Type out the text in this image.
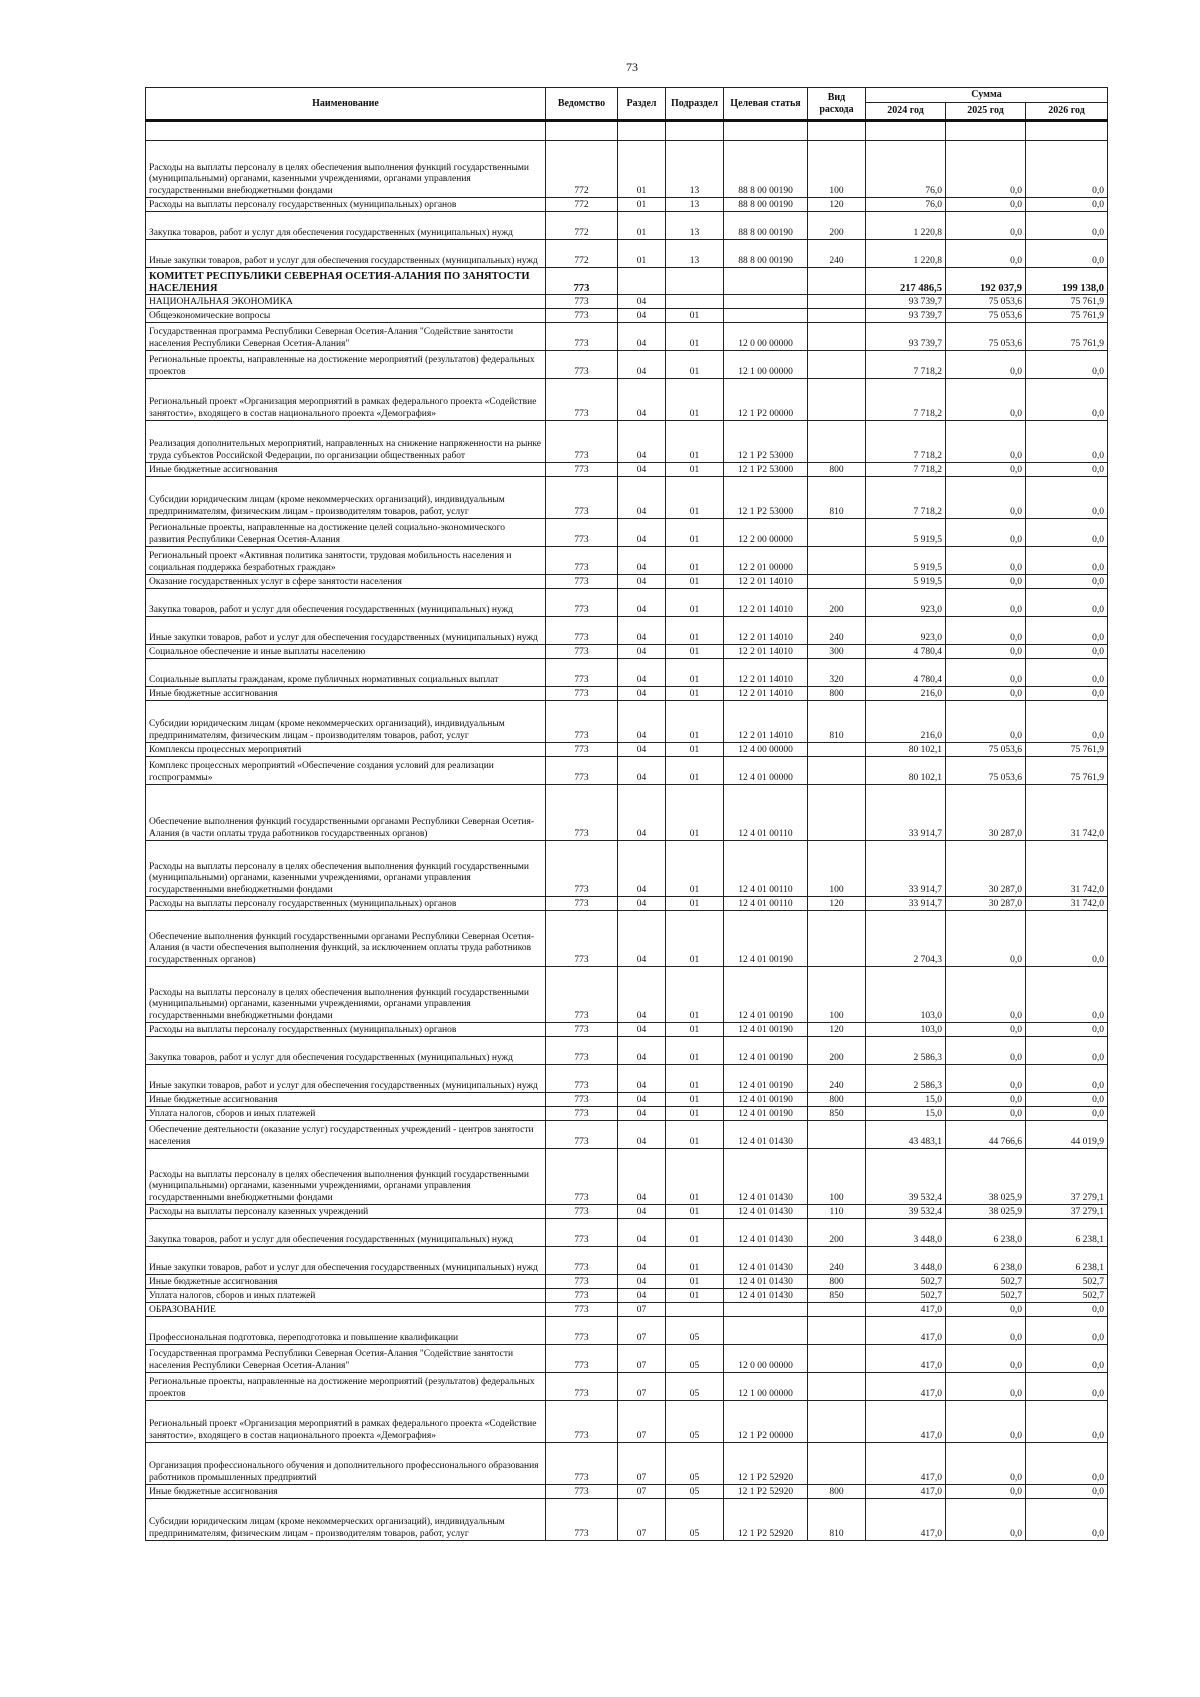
73
Наименование	Ведомство	Раздел	Подраздел	Целевая статья	Вид расхода	Сумма		
						2024 год	2025 год	2026 год

Расходы на выплаты персоналу в целях обеспечения выполнения функций государственными (муниципальными) органами, казенными учреждениями, органами управления государственными внебюджетными фондами	772	01	13	88 8 00 00190	100	76,0	0,0	0,0
Расходы на выплаты персоналу государственных (муниципальных) органов	772	01	13	88 8 00 00190	120	76,0	0,0	0,0
Закупка товаров, работ и услуг для обеспечения государственных (муниципальных) нужд	772	01	13	88 8 00 00190	200	1 220,8	0,0	0,0
Иные закупки товаров, работ и услуг для обеспечения государственных (муниципальных) нужд	772	01	13	88 8 00 00190	240	1 220,8	0,0	0,0
КОМИТЕТ РЕСПУБЛИКИ СЕВЕРНАЯ ОСЕТИЯ-АЛАНИЯ ПО ЗАНЯТОСТИ НАСЕЛЕНИЯ	773					217 486,5	192 037,9	199 138,0
НАЦИОНАЛЬНАЯ ЭКОНОМИКА	773	04				93 739,7	75 053,6	75 761,9
Общеэкономические вопросы	773	04	01			93 739,7	75 053,6	75 761,9
Государственная программа Республики Северная Осетия-Алания "Содействие занятости населения Республики Северная Осетия-Алания"	773	04	01	12 0 00 00000		93 739,7	75 053,6	75 761,9
Региональные проекты, направленные на достижение мероприятий (результатов) федеральных проектов	773	04	01	12 1 00 00000		7 718,2	0,0	0,0
Региональный проект «Организация мероприятий в рамках федерального проекта «Содействие занятости», входящего в состав национального проекта «Демография»	773	04	01	12 1 P2 00000		7 718,2	0,0	0,0
Реализация дополнительных мероприятий, направленных на снижение напряженности на рынке труда субъектов Российской Федерации, по организации общественных работ	773	04	01	12 1 P2 53000		7 718,2	0,0	0,0
Иные бюджетные ассигнования	773	04	01	12 1 P2 53000	800	7 718,2	0,0	0,0
Субсидии юридическим лицам (кроме некоммерческих организаций), индивидуальным предпринимателям, физическим лицам - производителям товаров, работ, услуг	773	04	01	12 1 P2 53000	810	7 718,2	0,0	0,0
Региональные проекты, направленные на достижение целей социально-экономического развития Республики Северная Осетия-Алания	773	04	01	12 2 00 00000		5 919,5	0,0	0,0
Региональный проект «Активная политика занятости, трудовая мобильность населения и социальная поддержка безработных граждан»	773	04	01	12 2 01 00000		5 919,5	0,0	0,0
Оказание государственных услуг в сфере занятости населения	773	04	01	12 2 01 14010		5 919,5	0,0	0,0
Закупка товаров, работ и услуг для обеспечения государственных (муниципальных) нужд	773	04	01	12 2 01 14010	200	923,0	0,0	0,0
Иные закупки товаров, работ и услуг для обеспечения государственных (муниципальных) нужд	773	04	01	12 2 01 14010	240	923,0	0,0	0,0
Социальное обеспечение и иные выплаты населению	773	04	01	12 2 01 14010	300	4 780,4	0,0	0,0
Социальные выплаты гражданам, кроме публичных нормативных социальных выплат	773	04	01	12 2 01 14010	320	4 780,4	0,0	0,0
Иные бюджетные ассигнования	773	04	01	12 2 01 14010	800	216,0	0,0	0,0
Субсидии юридическим лицам (кроме некоммерческих организаций), индивидуальным предпринимателям, физическим лицам - производителям товаров, работ, услуг	773	04	01	12 2 01 14010	810	216,0	0,0	0,0
Комплексы процессных мероприятий	773	04	01	12 4 00 00000		80 102,1	75 053,6	75 761,9
Комплекс процессных мероприятий «Обеспечение создания условий для реализации госпрограммы»	773	04	01	12 4 01 00000		80 102,1	75 053,6	75 761,9
Обеспечение выполнения функций государственными органами Республики Северная Осетия-Алания (в части оплаты труда работников государственных органов)	773	04	01	12 4 01 00110		33 914,7	30 287,0	31 742,0
Расходы на выплаты персоналу в целях обеспечения выполнения функций государственными (муниципальными) органами, казенными учреждениями, органами управления государственными внебюджетными фондами	773	04	01	12 4 01 00110	100	33 914,7	30 287,0	31 742,0
Расходы на выплаты персоналу государственных (муниципальных) органов	773	04	01	12 4 01 00110	120	33 914,7	30 287,0	31 742,0
Обеспечение выполнения функций государственными органами Республики Северная Осетия-Алания (в части обеспечения выполнения функций, за исключением оплаты труда работников государственных органов)	773	04	01	12 4 01 00190		2 704,3	0,0	0,0
Расходы на выплаты персоналу в целях обеспечения выполнения функций государственными (муниципальными) органами, казенными учреждениями, органами управления государственными внебюджетными фондами	773	04	01	12 4 01 00190	100	103,0	0,0	0,0
Расходы на выплаты персоналу государственных (муниципальных) органов	773	04	01	12 4 01 00190	120	103,0	0,0	0,0
Закупка товаров, работ и услуг для обеспечения государственных (муниципальных) нужд	773	04	01	12 4 01 00190	200	2 586,3	0,0	0,0
Иные закупки товаров, работ и услуг для обеспечения государственных (муниципальных) нужд	773	04	01	12 4 01 00190	240	2 586,3	0,0	0,0
Иные бюджетные ассигнования	773	04	01	12 4 01 00190	800	15,0	0,0	0,0
Уплата налогов, сборов и иных платежей	773	04	01	12 4 01 00190	850	15,0	0,0	0,0
Обеспечение деятельности (оказание услуг) государственных учреждений - центров занятости населения	773	04	01	12 4 01 01430		43 483,1	44 766,6	44 019,9
Расходы на выплаты персоналу в целях обеспечения выполнения функций государственными (муниципальными) органами, казенными учреждениями, органами управления государственными внебюджетными фондами	773	04	01	12 4 01 01430	100	39 532,4	38 025,9	37 279,1
Расходы на выплаты персоналу казенных учреждений	773	04	01	12 4 01 01430	110	39 532,4	38 025,9	37 279,1
Закупка товаров, работ и услуг для обеспечения государственных (муниципальных) нужд	773	04	01	12 4 01 01430	200	3 448,0	6 238,0	6 238,1
Иные закупки товаров, работ и услуг для обеспечения государственных (муниципальных) нужд	773	04	01	12 4 01 01430	240	3 448,0	6 238,0	6 238,1
Иные бюджетные ассигнования	773	04	01	12 4 01 01430	800	502,7	502,7	502,7
Уплата налогов, сборов и иных платежей	773	04	01	12 4 01 01430	850	502,7	502,7	502,7
ОБРАЗОВАНИЕ	773	07				417,0	0,0	0,0
Профессиональная подготовка, переподготовка и повышение квалификации	773	07	05			417,0	0,0	0,0
Государственная программа Республики Северная Осетия-Алания "Содействие занятости населения Республики Северная Осетия-Алания"	773	07	05	12 0 00 00000		417,0	0,0	0,0
Региональные проекты, направленные на достижение мероприятий (результатов) федеральных проектов	773	07	05	12 1 00 00000		417,0	0,0	0,0
Региональный проект «Организация мероприятий в рамках федерального проекта «Содействие занятости», входящего в состав национального проекта «Демография»	773	07	05	12 1 P2 00000		417,0	0,0	0,0
Организация профессионального обучения и дополнительного профессионального образования работников промышленных предприятий	773	07	05	12 1 P2 52920		417,0	0,0	0,0
Иные бюджетные ассигнования	773	07	05	12 1 P2 52920	800	417,0	0,0	0,0
Субсидии юридическим лицам (кроме некоммерческих организаций), индивидуальным предпринимателям, физическим лицам - производителям товаров, работ, услуг	773	07	05	12 1 P2 52920	810	417,0	0,0	0,0
